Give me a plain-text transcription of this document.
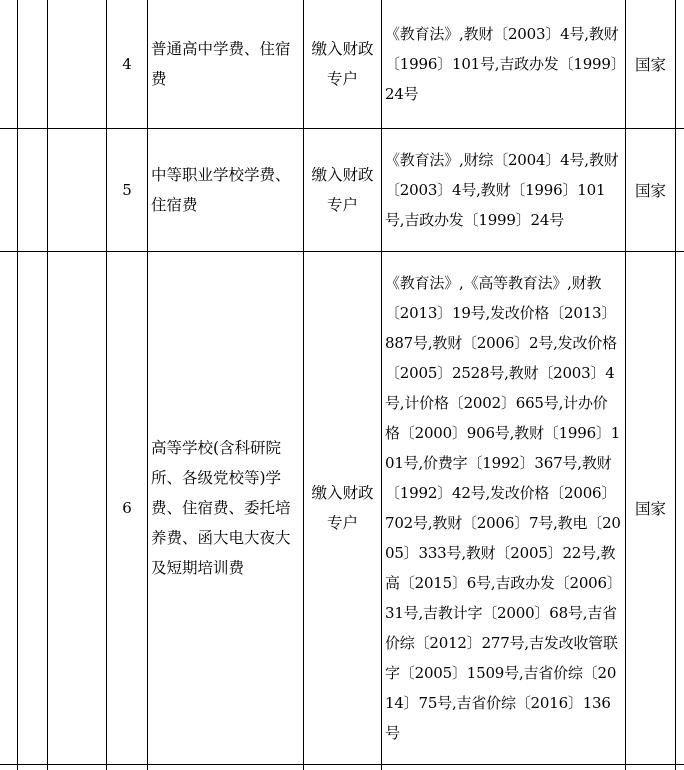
4
普通高中学费、住宿费
缴入财政专户
《教育法》,教财〔2003〕4号,教财〔1996〕101号,吉政办发〔1999〕24号
国家
5
中等职业学校学费、住宿费
缴入财政专户
《教育法》,财综〔2004〕4号,教财〔2003〕4号,教财〔1996〕101号,吉政办发〔1999〕24号
国家
6
高等学校(含科研院所、各级党校等)学费、住宿费、委托培养费、函大电大夜大及短期培训费
缴入财政专户
《教育法》,《高等教育法》,财教〔2013〕19号,发改价格〔2013〕887号,教财〔2006〕2号,发改价格〔2005〕2528号,教财〔2003〕4号,计价格〔2002〕665号,计办价格〔2000〕906号,教财〔1996〕101号,价费字〔1992〕367号,教财〔1992〕42号,发改价格〔2006〕702号,教财〔2006〕7号,教电〔2005〕333号,教财〔2005〕22号,教高〔2015〕6号,吉政办发〔2006〕31号,吉教计字〔2000〕68号,吉省价综〔2012〕277号,吉发改收管联字〔2005〕1509号,吉省价综〔2014〕75号,吉省价综〔2016〕136号
国家
